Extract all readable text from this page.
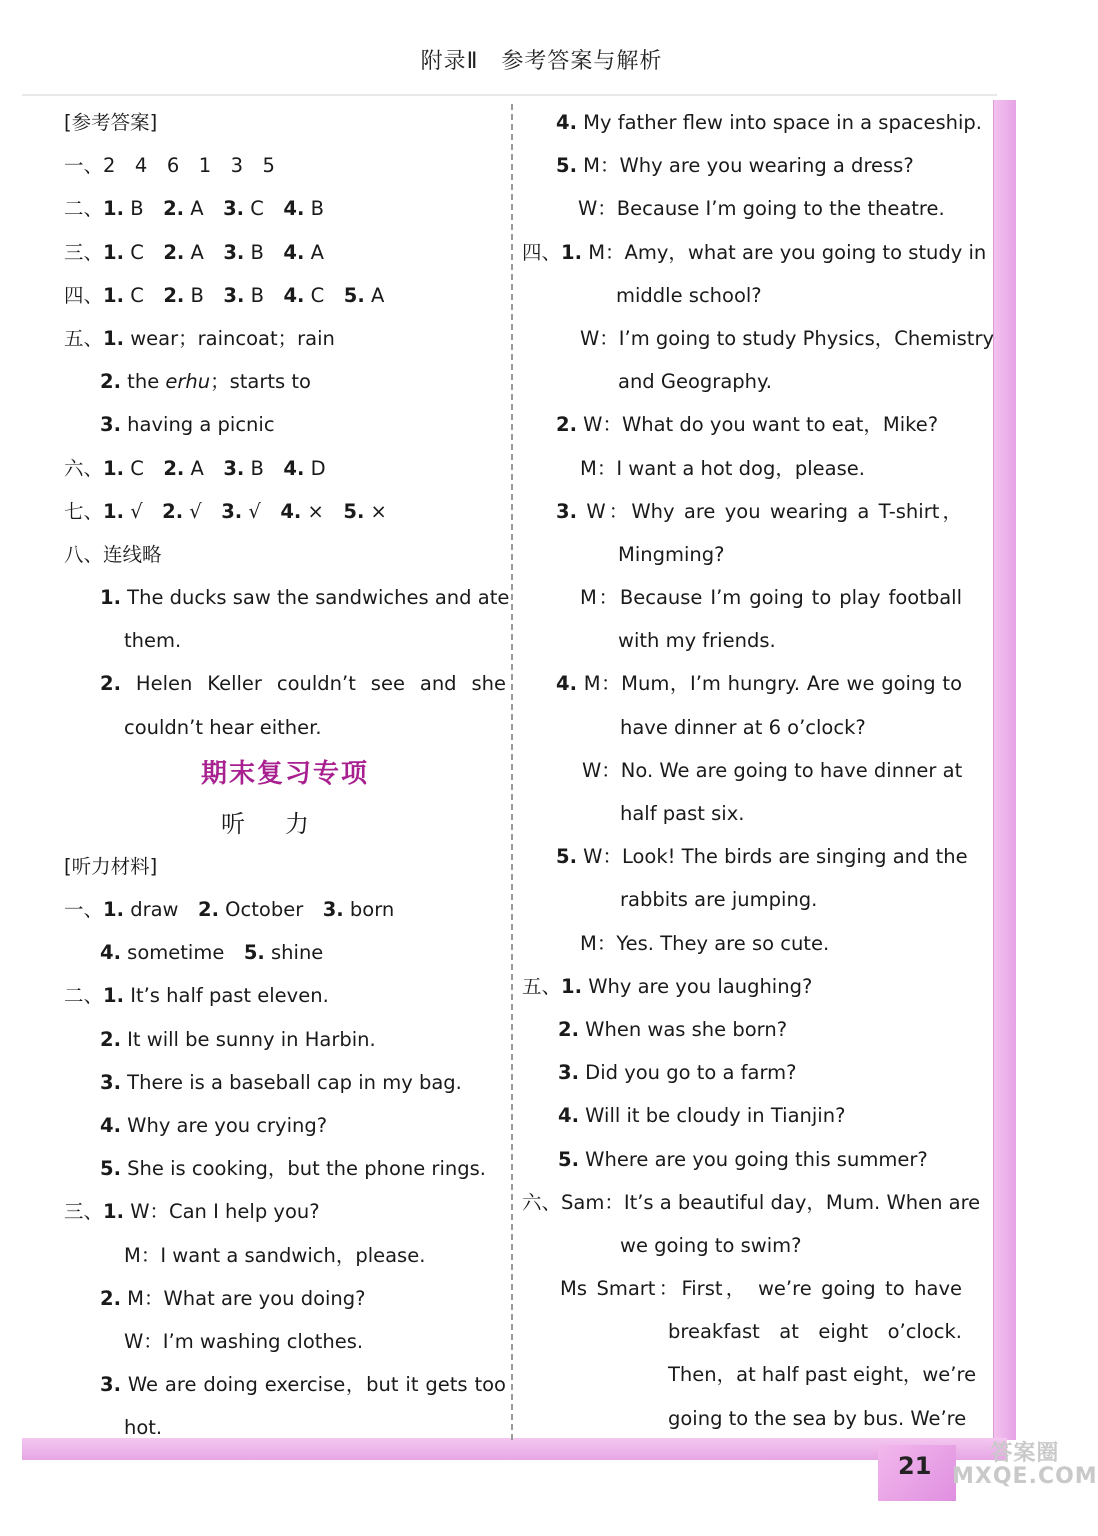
附录Ⅱ　参考答案与解析
21	答案圈 MXQE.COM
[参考答案]
一、2　4　6　1　3　5
二、1. B　2. A　3. C　4. B
三、1. C　2. A　3. B　4. A
四、1. C　2. B　3. B　4. C　5. A
五、1. wear；raincoat；rain
2. the erhu；starts to
3. having a picnic
六、1. C　2. A　3. B　4. D
七、1. √　2. √　3. √　4. ×　5. ×
八、连线略
1. The ducks saw the sandwiches and ate
them.
2. Helen Keller couldn’t see and she
couldn’t hear either.
期末复习专项
听力
[听力材料]
一、1. draw　2. October　3. born
4. sometime　5. shine
二、1. It’s half past eleven.
2. It will be sunny in Harbin.
3. There is a baseball cap in my bag.
4. Why are you crying?
5. She is cooking，but the phone rings.
三、1. W：Can I help you?
M：I want a sandwich，please.
2. M：What are you doing?
W：I’m washing clothes.
3. We are doing exercise，but it gets too
hot.
4. My father flew into space in a spaceship.
5. M：Why are you wearing a dress?
W：Because I’m going to the theatre.
四、1. M：Amy，what are you going to study in
middle school?
W：I’m going to study Physics，Chemistry
and Geography.
2. W：What do you want to eat，Mike?
M：I want a hot dog，please.
3. W：Why are you wearing a T-shirt，
Mingming?
M：Because I’m going to play football
with my friends.
4. M：Mum，I’m hungry. Are we going to
have dinner at 6 o’clock?
W：No. We are going to have dinner at
half past six.
5. W：Look! The birds are singing and the
rabbits are jumping.
M：Yes. They are so cute.
五、1. Why are you laughing?
2. When was she born?
3. Did you go to a farm?
4. Will it be cloudy in Tianjin?
5. Where are you going this summer?
六、Sam：It’s a beautiful day，Mum. When are
we going to swim?
Ms Smart：First， we’re going to have
breakfast at eight o’clock.
Then，at half past eight，we’re
going to the sea by bus. We’re
